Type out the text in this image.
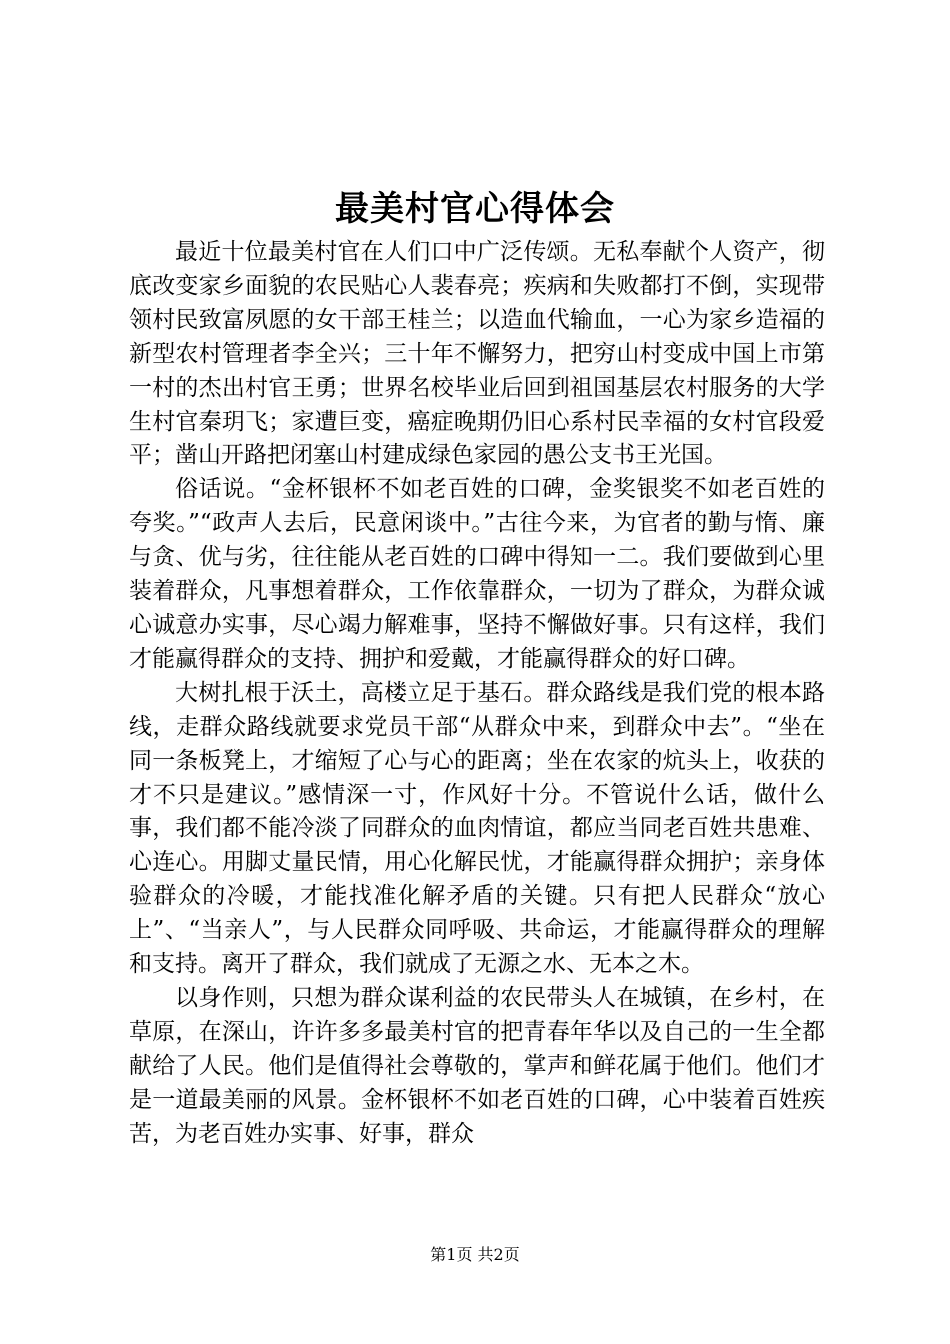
最美村官心得体会

最近十位最美村官在人们口中广泛传颂。无私奉献个人资产，彻底改变家乡面貌的农民贴心人裴春亮；疾病和失败都打不倒，实现带领村民致富夙愿的女干部王桂兰；以造血代输血，一心为家乡造福的新型农村管理者李全兴；三十年不懈努力，把穷山村变成中国上市第一村的杰出村官王勇；世界名校毕业后回到祖国基层农村服务的大学生村官秦玥飞；家遭巨变，癌症晚期仍旧心系村民幸福的女村官段爱平；凿山开路把闭塞山村建成绿色家园的愚公支书王光国。

俗话说。“金杯银杯不如老百姓的口碑，金奖银奖不如老百姓的夸奖。”“政声人去后，民意闲谈中。”古往今来，为官者的勤与惰、廉与贪、优与劣，往往能从老百姓的口碑中得知一二。我们要做到心里装着群众，凡事想着群众，工作依靠群众，一切为了群众，为群众诚心诚意办实事，尽心竭力解难事，坚持不懈做好事。只有这样，我们才能赢得群众的支持、拥护和爱戴，才能赢得群众的好口碑。

大树扎根于沃土，高楼立足于基石。群众路线是我们党的根本路线，走群众路线就要求党员干部“从群众中来，到群众中去”。“坐在同一条板凳上，才缩短了心与心的距离；坐在农家的炕头上，收获的才不只是建议。”感情深一寸，作风好十分。不管说什么话，做什么事，我们都不能冷淡了同群众的血肉情谊，都应当同老百姓共患难、心连心。用脚丈量民情，用心化解民忧，才能赢得群众拥护；亲身体验群众的冷暖，才能找准化解矛盾的关键。只有把人民群众“放心上”、“当亲人”，与人民群众同呼吸、共命运，才能赢得群众的理解和支持。离开了群众，我们就成了无源之水、无本之木。

以身作则，只想为群众谋利益的农民带头人在城镇，在乡村，在草原，在深山，许许多多最美村官的把青春年华以及自己的一生全都献给了人民。他们是值得社会尊敬的，掌声和鲜花属于他们。他们才是一道最美丽的风景。金杯银杯不如老百姓的口碑，心中装着百姓疾苦，为老百姓办实事、好事，群众

第1页 共2页
